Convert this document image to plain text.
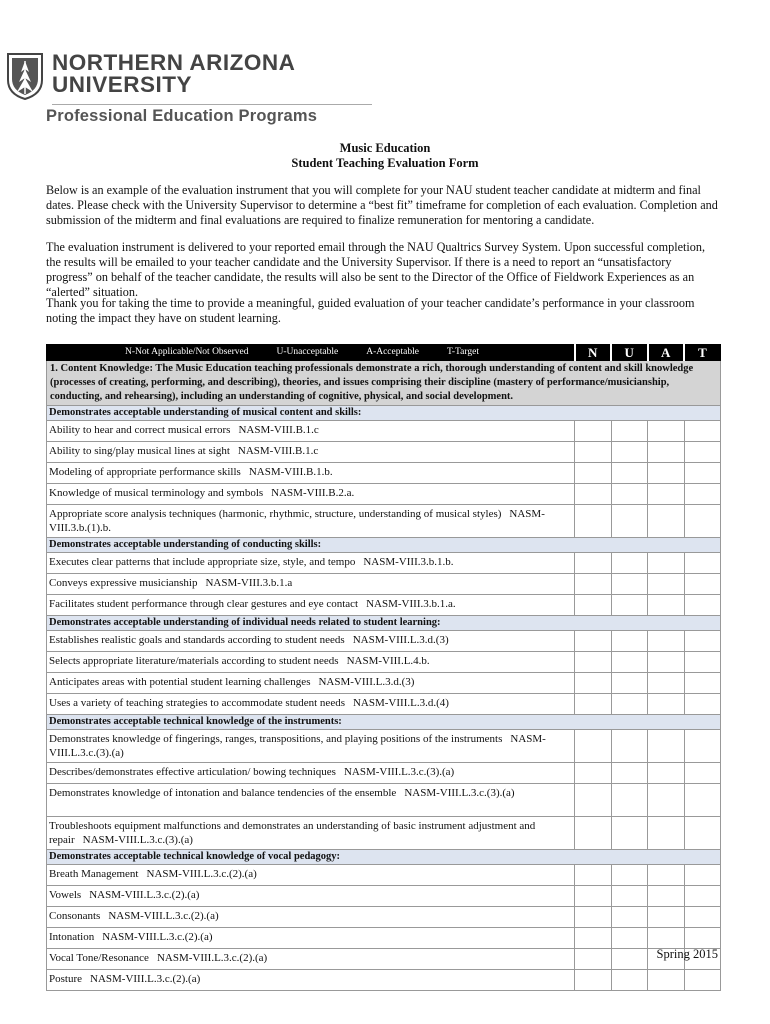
NORTHERN ARIZONA
UNIVERSITY
Professional Education Programs
Music Education
Student Teaching Evaluation Form
Below is an example of the evaluation instrument that you will complete for your NAU student teacher candidate at midterm and final dates. Please check with the University Supervisor to determine a “best fit” timeframe for completion of each evaluation. Completion and submission of the midterm and final evaluations are required to finalize remuneration for mentoring a candidate.
The evaluation instrument is delivered to your reported email through the NAU Qualtrics Survey System. Upon successful completion, the results will be emailed to your teacher candidate and the University Supervisor. If there is a need to report an “unsatisfactory progress” on behalf of the teacher candidate, the results will also be sent to the Director of the Office of Fieldwork Experiences as an “alerted” situation.
Thank you for taking the time to provide a meaningful, guided evaluation of your teacher candidate’s performance in your classroom noting the impact they have on student learning.
N-Not Applicable/Not Observed U-Unacceptable A-Acceptable T-Target	N	U	A	T
1. Content Knowledge: The Music Education teaching professionals demonstrate a rich, thorough understanding of content and skill knowledge (processes of creating, performing, and describing), theories, and issues comprising their discipline (mastery of performance/musicianship, conducting, and rehearsing), including an understanding of cognitive, physical, and social development.				
Demonstrates acceptable understanding of musical content and skills:				
Ability to hear and correct musical errors NASM-VIII.B.1.c				
Ability to sing/play musical lines at sight NASM-VIII.B.1.c				
Modeling of appropriate performance skills NASM-VIII.B.1.b.				
Knowledge of musical terminology and symbols NASM-VIII.B.2.a.				
Appropriate score analysis techniques (harmonic, rhythmic, structure, understanding of musical styles) NASM-VIII.3.b.(1).b.				
Demonstrates acceptable understanding of conducting skills:				
Executes clear patterns that include appropriate size, style, and tempo NASM-VIII.3.b.1.b.				
Conveys expressive musicianship NASM-VIII.3.b.1.a				
Facilitates student performance through clear gestures and eye contact NASM-VIII.3.b.1.a.				
Demonstrates acceptable understanding of individual needs related to student learning:				
Establishes realistic goals and standards according to student needs NASM-VIII.L.3.d.(3)				
Selects appropriate literature/materials according to student needs NASM-VIII.L.4.b.				
Anticipates areas with potential student learning challenges NASM-VIII.L.3.d.(3)				
Uses a variety of teaching strategies to accommodate student needs NASM-VIII.L.3.d.(4)				
Demonstrates acceptable technical knowledge of the instruments:				
Demonstrates knowledge of fingerings, ranges, transpositions, and playing positions of the instruments NASM-VIII.L.3.c.(3).(a)				
Describes/demonstrates effective articulation/ bowing techniques NASM-VIII.L.3.c.(3).(a)				
Demonstrates knowledge of intonation and balance tendencies of the ensemble NASM-VIII.L.3.c.(3).(a)				
Troubleshoots equipment malfunctions and demonstrates an understanding of basic instrument adjustment and repair NASM-VIII.L.3.c.(3).(a)				
Demonstrates acceptable technical knowledge of vocal pedagogy:				
Breath Management NASM-VIII.L.3.c.(2).(a)				
Vowels NASM-VIII.L.3.c.(2).(a)				
Consonants NASM-VIII.L.3.c.(2).(a)				
Intonation NASM-VIII.L.3.c.(2).(a)				
Vocal Tone/Resonance NASM-VIII.L.3.c.(2).(a)				
Posture NASM-VIII.L.3.c.(2).(a)				
Spring 2015
